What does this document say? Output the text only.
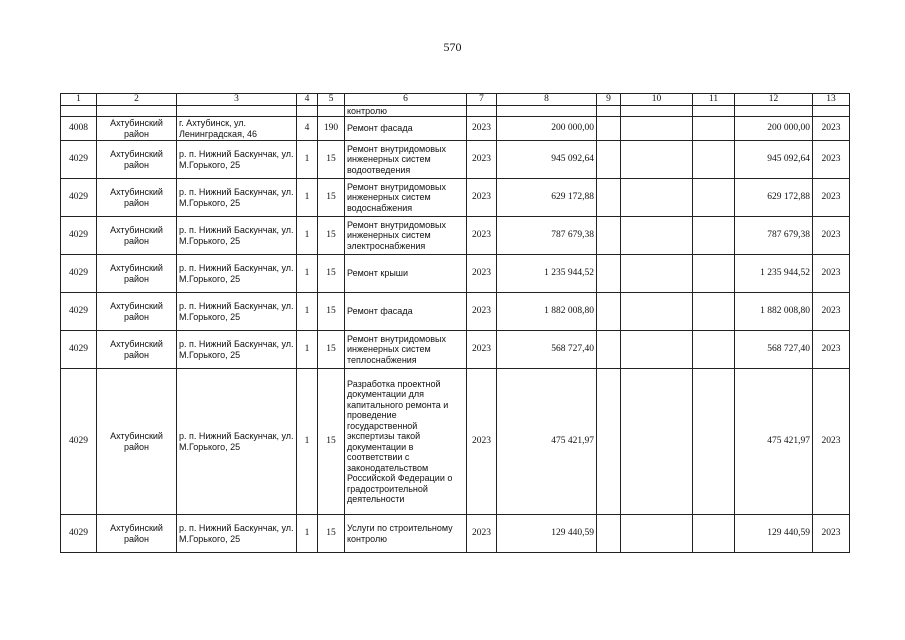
570
1	2	3	4	5	6	7	8	9	10	11	12	13
					контролю							
4008	Ахтубинский район	г. Ахтубинск, ул. Ленинградская, 46	4	190	Ремонт фасада	2023	200 000,00				200 000,00	2023
4029	Ахтубинский район	р. п. Нижний Баскунчак, ул. М.Горького, 25	1	15	Ремонт внутридомовых инженерных систем водоотведения	2023	945 092,64				945 092,64	2023
4029	Ахтубинский район	р. п. Нижний Баскунчак, ул. М.Горького, 25	1	15	Ремонт внутридомовых инженерных систем водоснабжения	2023	629 172,88				629 172,88	2023
4029	Ахтубинский район	р. п. Нижний Баскунчак, ул. М.Горького, 25	1	15	Ремонт внутридомовых инженерных систем электроснабжения	2023	787 679,38				787 679,38	2023
4029	Ахтубинский район	р. п. Нижний Баскунчак, ул. М.Горького, 25	1	15	Ремонт крыши	2023	1 235 944,52				1 235 944,52	2023
4029	Ахтубинский район	р. п. Нижний Баскунчак, ул. М.Горького, 25	1	15	Ремонт фасада	2023	1 882 008,80				1 882 008,80	2023
4029	Ахтубинский район	р. п. Нижний Баскунчак, ул. М.Горького, 25	1	15	Ремонт внутридомовых инженерных систем теплоснабжения	2023	568 727,40				568 727,40	2023
4029	Ахтубинский район	р. п. Нижний Баскунчак, ул. М.Горького, 25	1	15	Разработка проектной документации для капитального ремонта и проведение государственной экспертизы такой документации в соответствии с законодательством Российской Федерации о градостроительной деятельности	2023	475 421,97				475 421,97	2023
4029	Ахтубинский район	р. п. Нижний Баскунчак, ул. М.Горького, 25	1	15	Услуги по строительному контролю	2023	129 440,59				129 440,59	2023
